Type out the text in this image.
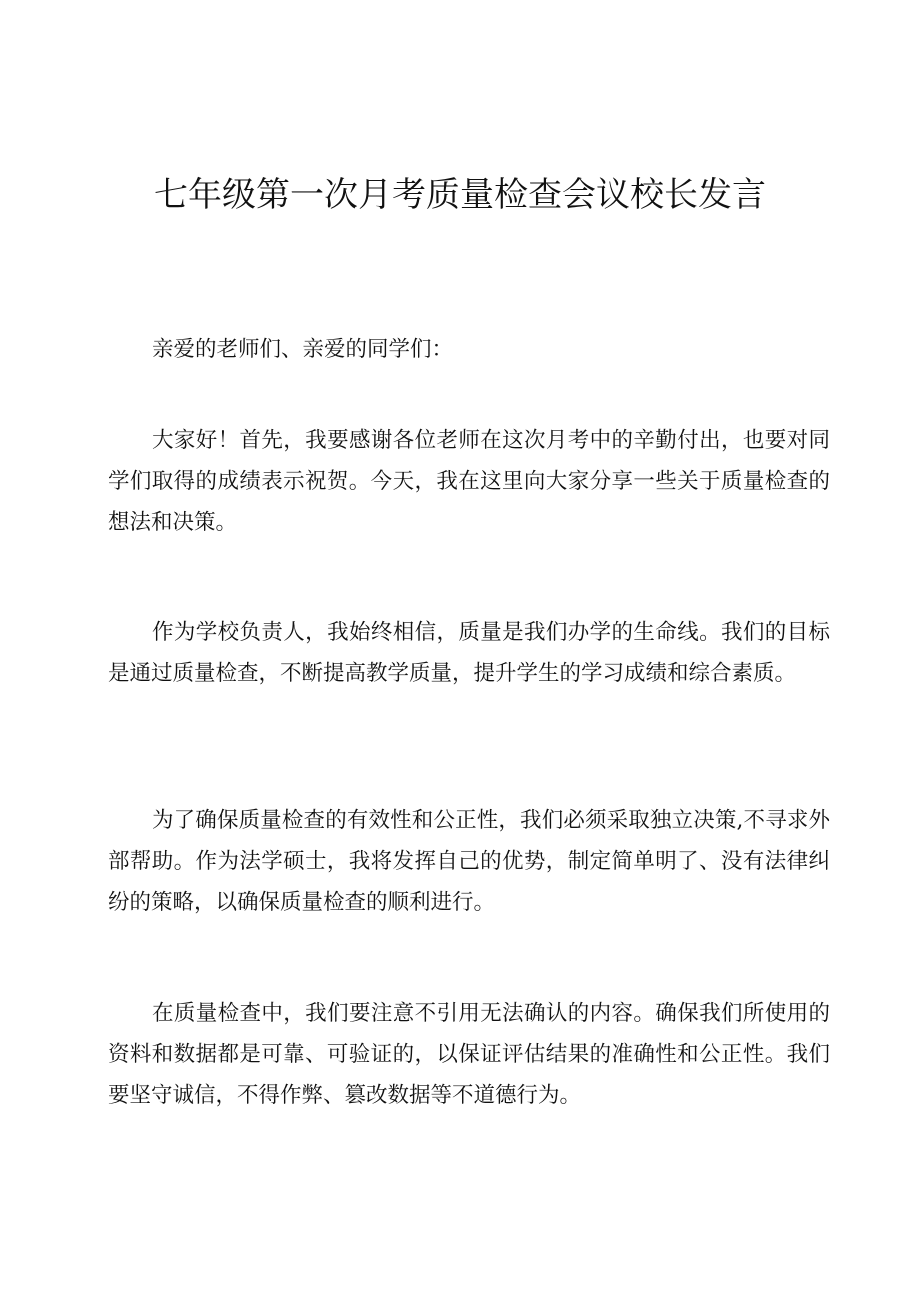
七年级第一次月考质量检查会议校长发言

亲爱的老师们、亲爱的同学们：

大家好！首先，我要感谢各位老师在这次月考中的辛勤付出，也要对同学们取得的成绩表示祝贺。今天，我在这里向大家分享一些关于质量检查的想法和决策。

作为学校负责人，我始终相信，质量是我们办学的生命线。我们的目标是通过质量检查，不断提高教学质量，提升学生的学习成绩和综合素质。

为了确保质量检查的有效性和公正性，我们必须采取独立决策,不寻求外部帮助。作为法学硕士，我将发挥自己的优势，制定简单明了、没有法律纠纷的策略，以确保质量检查的顺利进行。

在质量检查中，我们要注意不引用无法确认的内容。确保我们所使用的资料和数据都是可靠、可验证的，以保证评估结果的准确性和公正性。我们要坚守诚信，不得作弊、篡改数据等不道德行为。
